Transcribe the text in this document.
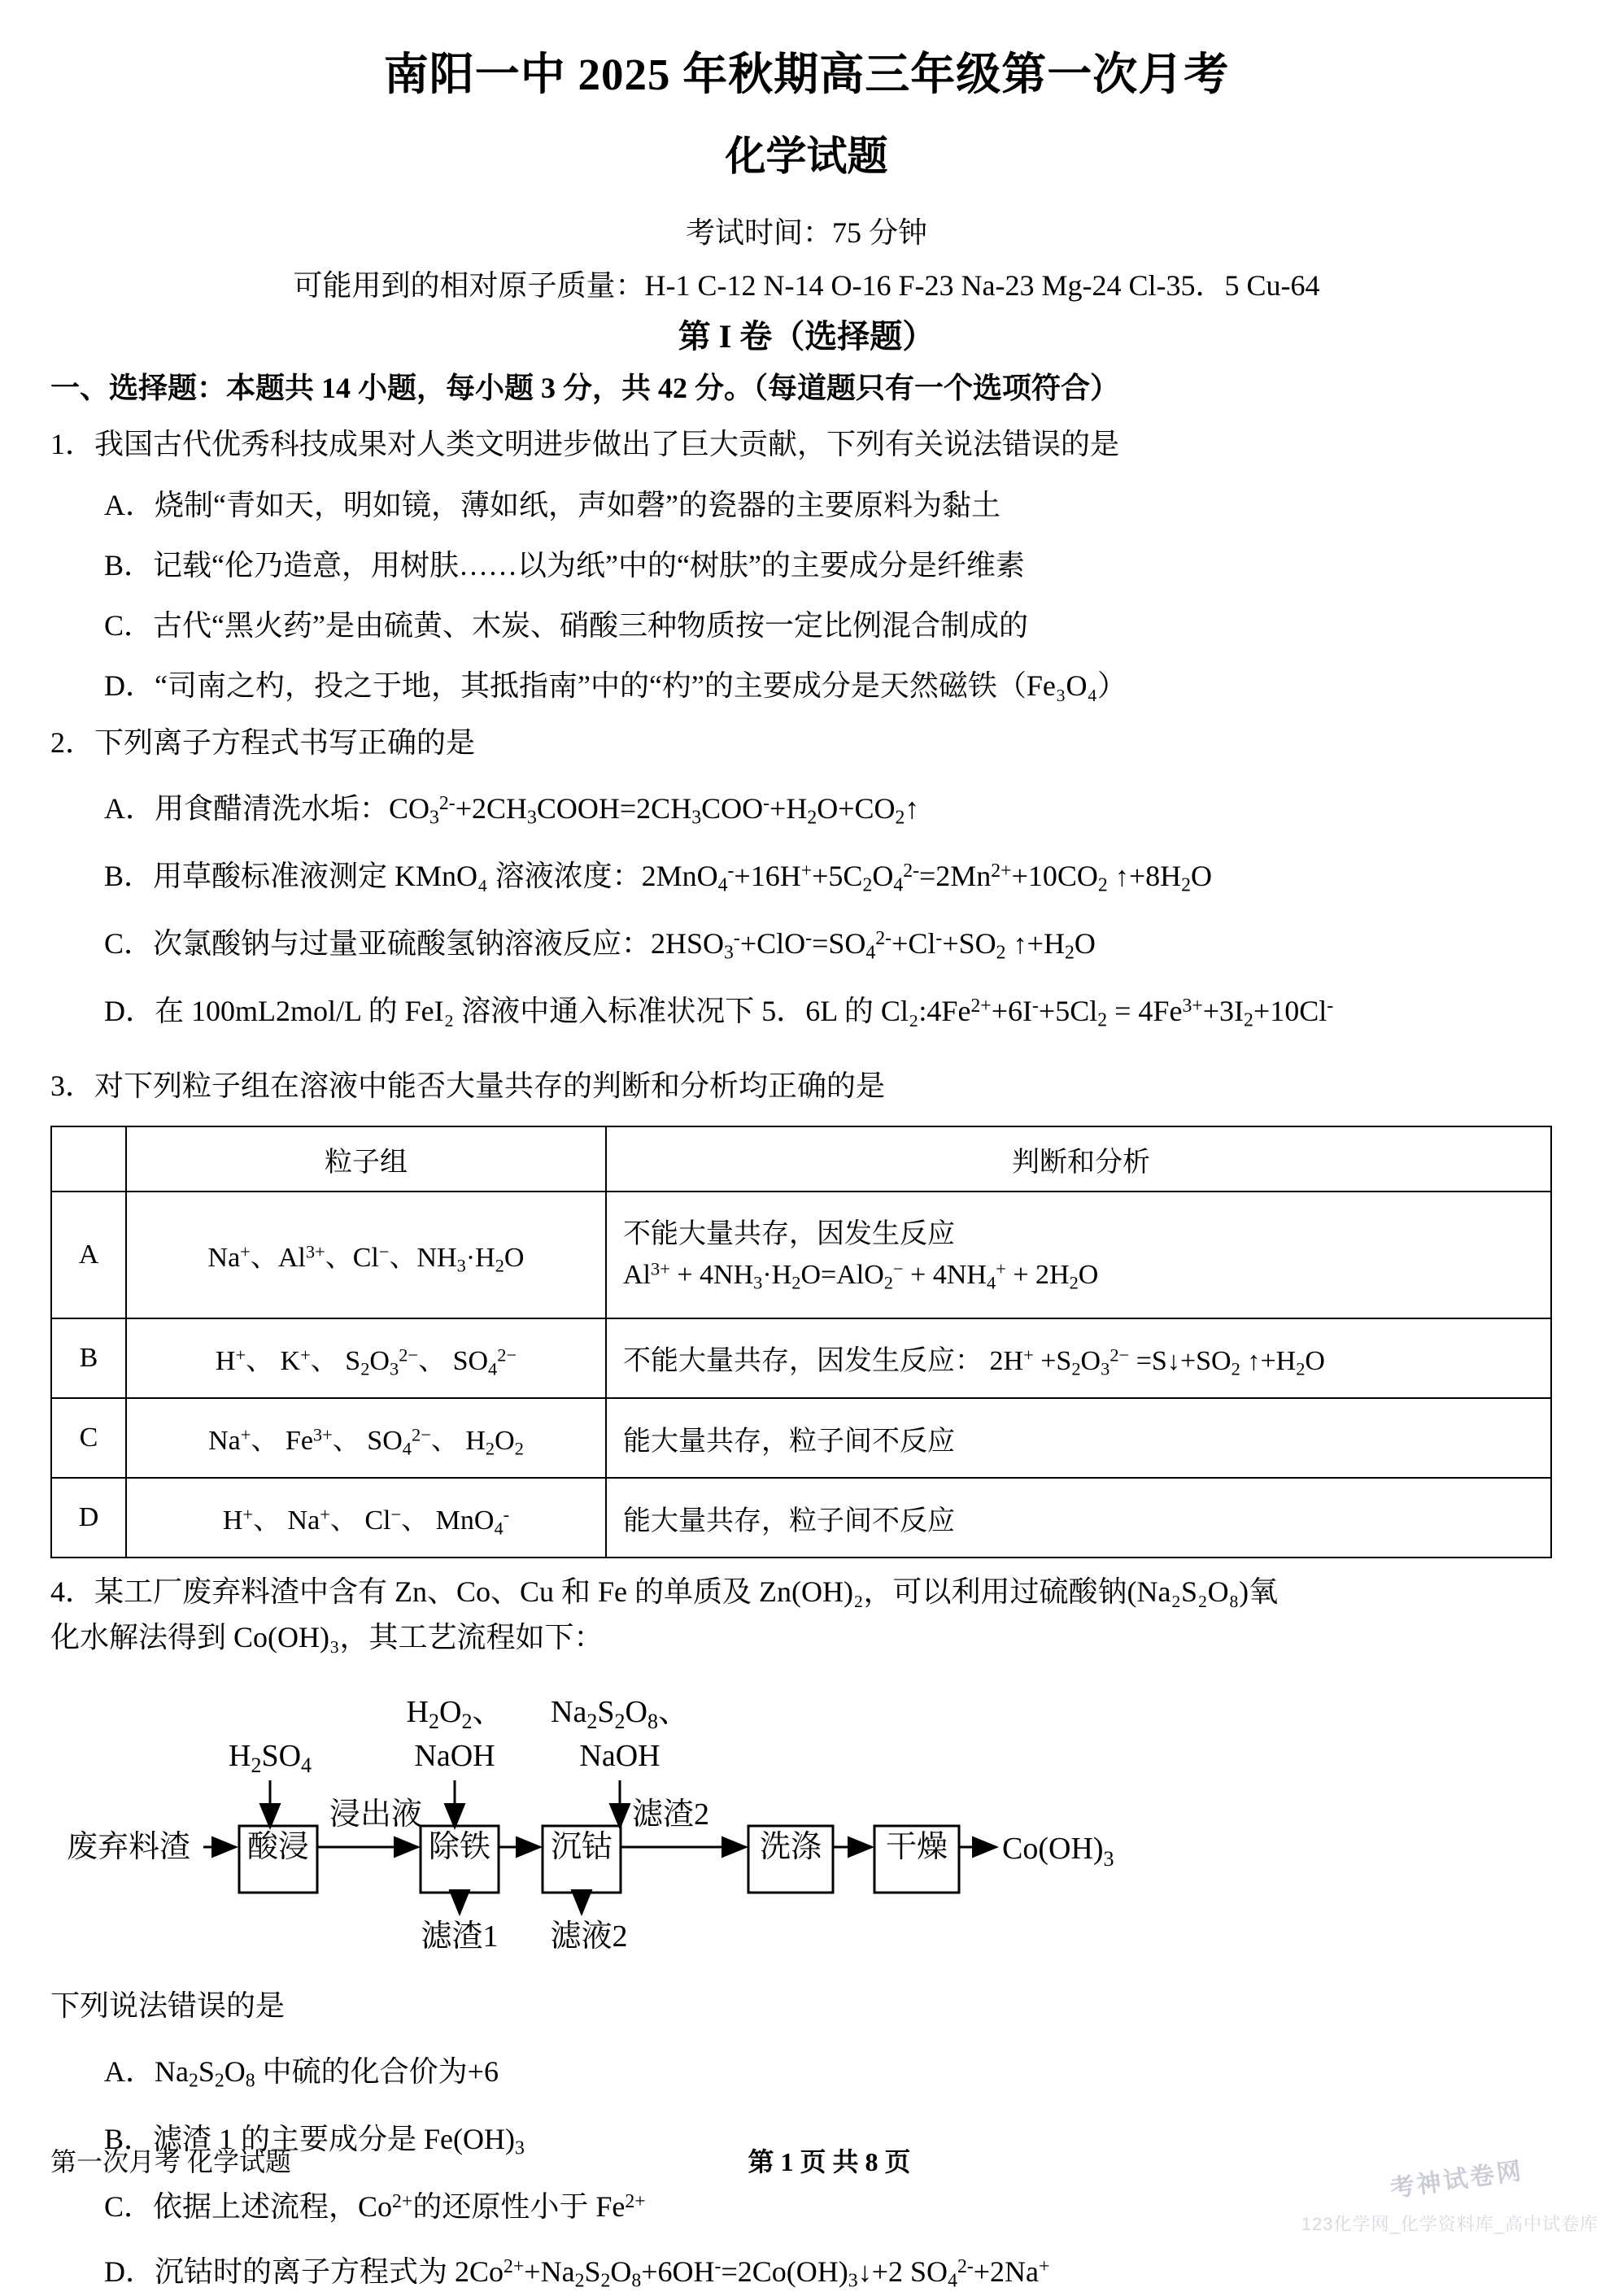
南阳一中 2025 年秋期高三年级第一次月考
化学试题

考试时间：75 分钟

可能用到的相对原子质量：H-1 C-12 N-14 O-16 F-23 Na-23 Mg-24 Cl-35．5 Cu-64

第 I 卷（选择题）

一、选择题：本题共 14 小题，每小题 3 分，共 42 分。（每道题只有一个选项符合）

1．我国古代优秀科技成果对人类文明进步做出了巨大贡献，下列有关说法错误的是

A．烧制“青如天，明如镜，薄如纸，声如磬”的瓷器的主要原料为黏土

B．记载“伦乃造意，用树肤……以为纸”中的“树肤”的主要成分是纤维素

C．古代“黑火药”是由硫黄、木炭、硝酸三种物质按一定比例混合制成的

D．“司南之杓，投之于地，其抵指南”中的“杓”的主要成分是天然磁铁（Fe₃O₄）

2．下列离子方程式书写正确的是

A．用食醋清洗水垢：$CO_3^{2-}+2CH_3COOH=2CH_3COO^-+H_2O+CO_2↑$

B．用草酸标准液测定 KMnO₄ 溶液浓度：$2MnO_4^-+16H^++5C_2O_4^{2-}=2Mn^{2+}+10CO_2$ $↑+8H_2O$

C．次氯酸钠与过量亚硫酸氢钠溶液反应：$2HSO_3^-+ClO^-=SO_4^{2-}+Cl^-+SO_2$ $↑+H_2O$

D．在 100mL2mol/L 的 FeI₂ 溶液中通入标准状况下 5．6L 的 $Cl_2:4Fe^{2+}+6I^-+5Cl_2 = 4Fe^{3+}+3I_2+10Cl^-$

3．对下列粒子组在溶液中能否大量共存的判断和分析均正确的是

	粒子组	判断和分析
A	Na+、$Al^{3+}$、Cl−、$NH_3\cdot H_2O$	不能大量共存，因发生反应
$Al^{3+} + 4NH_3\cdot H_2O=AlO_2^- + 4NH_4^+ + 2H_2O$

B	H+、 K+、 $S_2O_3^{2-}$、 $SO_4^{2-}$	不能大量共存，因发生反应： $2H^+ +S_2O_3^{2-}$ $=S↓+SO_2$ $↑+H_2O$
C	Na+、 $Fe^{3+}$、 $SO_4^{2-}$、 $H_2O_2$	能大量共存，粒子间不反应
D	H+、 Na+、 Cl−、 MnO$_4$-	能大量共存，粒子间不反应

4．某工厂废弃料渣中含有 Zn、Co、Cu 和 Fe 的单质及 Zn(OH)₂，可以利用过硫酸钠(Na₂S₂O₈)氧

化水解法得到 Co(OH)₃，其工艺流程如下：

$H_2O_2$、
NaOH
$Na_2S_2O_8$、
NaOH
$H_2SO_4$
废弃料渣 酸浸
浸出液
除铁 沉钴
滤渣2
洗涤 干燥 $Co(OH)_3$
滤渣1 滤液2

下列说法错误的是

A．$Na_2S_2O_8$ 中硫的化合价为+6

B．滤渣 1 的主要成分是 $Fe(OH)_3$

C．依据上述流程，$Co^{2+}$的还原性小于 $Fe^{2+}$

D．沉钴时的离子方程式为 $2Co^{2+}+Na_2S_2O_8+6OH^-=2Co(OH)_3↓+2$ $SO_4^{2-}+2Na^+$

第一次月考 化学试题	第 1 页 共 8 页	考神试卷网
123化学网_化学资料库_高中试卷库
